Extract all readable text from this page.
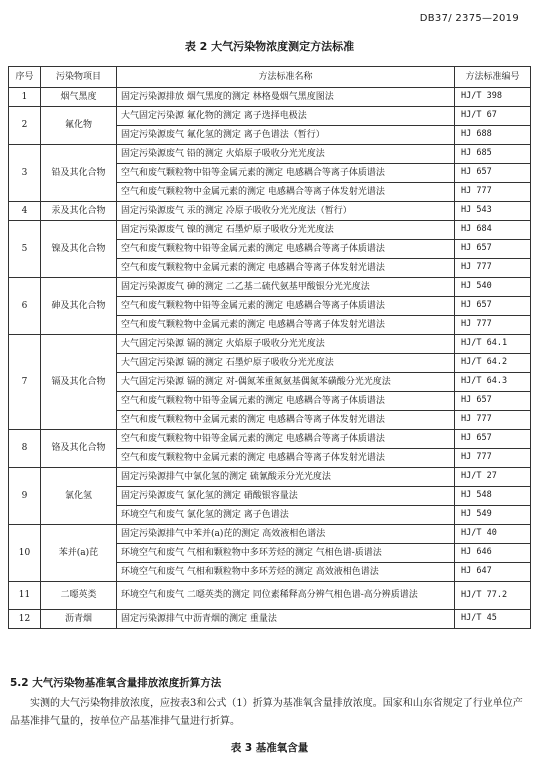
DB37/ 2375—2019
表 2 大气污染物浓度测定方法标准
序号	污染物项目	方法标准名称	方法标准编号
1	烟气黑度	固定污染源排放 烟气黑度的测定 林格曼烟气黑度图法	HJ/T 398
2	氟化物	大气固定污染源 氟化物的测定 离子选择电极法	HJ/T 67
		固定污染源废气 氟化氢的测定 离子色谱法（暂行）	HJ 688
3	铅及其化合物	固定污染源废气 铅的测定 火焰原子吸收分光光度法	HJ 685
		空气和废气颗粒物中铅等金属元素的测定 电感耦合等离子体质谱法	HJ 657
		空气和废气颗粒物中金属元素的测定 电感耦合等离子体发射光谱法	HJ 777
4	汞及其化合物	固定污染源废气 汞的测定 冷原子吸收分光光度法（暂行）	HJ 543
5	镍及其化合物	固定污染源废气 镍的测定 石墨炉原子吸收分光光度法	HJ 684
		空气和废气颗粒物中铅等金属元素的测定 电感耦合等离子体质谱法	HJ 657
		空气和废气颗粒物中金属元素的测定 电感耦合等离子体发射光谱法	HJ 777
6	砷及其化合物	固定污染源废气 砷的测定 二乙基二硫代氨基甲酸银分光光度法	HJ 540
		空气和废气颗粒物中铅等金属元素的测定 电感耦合等离子体质谱法	HJ 657
		空气和废气颗粒物中金属元素的测定 电感耦合等离子体发射光谱法	HJ 777
7	镉及其化合物	大气固定污染源 镉的测定 火焰原子吸收分光光度法	HJ/T 64.1
		大气固定污染源 镉的测定 石墨炉原子吸收分光光度法	HJ/T 64.2
		大气固定污染源 镉的测定 对-偶氮苯重氮氨基偶氮苯磺酸分光光度法	HJ/T 64.3
		空气和废气颗粒物中铅等金属元素的测定 电感耦合等离子体质谱法	HJ 657
		空气和废气颗粒物中金属元素的测定 电感耦合等离子体发射光谱法	HJ 777
8	铬及其化合物	空气和废气颗粒物中铅等金属元素的测定 电感耦合等离子体质谱法	HJ 657
		空气和废气颗粒物中金属元素的测定 电感耦合等离子体发射光谱法	HJ 777
9	氯化氢	固定污染源排气中氯化氢的测定 硫氰酸汞分光光度法	HJ/T 27
		固定污染源废气 氯化氢的测定 硝酸银容量法	HJ 548
		环境空气和废气 氯化氢的测定 离子色谱法	HJ 549
10	苯并(a)芘	固定污染源排气中苯并(a)芘的测定 高效液相色谱法	HJ/T 40
		环境空气和废气 气相和颗粒物中多环芳烃的测定 气相色谱-质谱法	HJ 646
		环境空气和废气 气相和颗粒物中多环芳烃的测定 高效液相色谱法	HJ 647
11	二噁英类	环境空气和废气 二噁英类的测定 同位素稀释高分辨气相色谱-高分辨质谱法	HJ/T 77.2
12	沥青烟	固定污染源排气中沥青烟的测定 重量法	HJ/T 45
5.2 大气污染物基准氧含量排放浓度折算方法
实测的大气污染物排放浓度，应按表3和公式（1）折算为基准氧含量排放浓度。国家和山东省规定了行业单位产品基准排气量的，按单位产品基准排气量进行折算。
表 3 基准氧含量
